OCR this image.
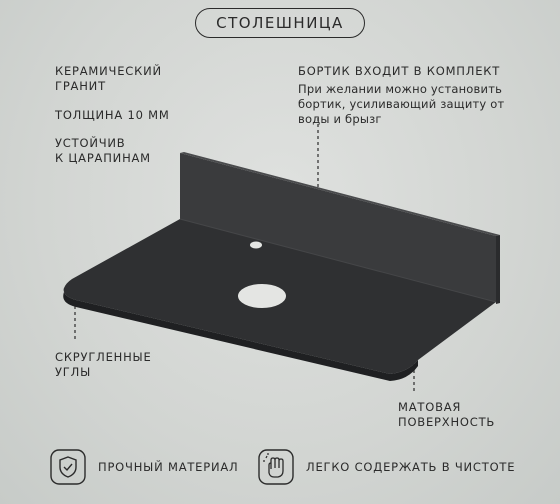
СТОЛЕШНИЦА
КЕРАМИЧЕСКИЙ
ГРАНИТ
ТОЛЩИНА 10 ММ
УСТОЙЧИВ
К ЦАРАПИНАМ
СКРУГЛЕННЫЕ
УГЛЫ
БОРТИК ВХОДИТ В КОМПЛЕКТ
При желании можно установить
бортик, усиливающий защиту от
воды и брызг
МАТОВАЯ
ПОВЕРХНОСТЬ
ПРОЧНЫЙ МАТЕРИАЛ	ЛЕГКО СОДЕРЖАТЬ В ЧИСТОТЕ
